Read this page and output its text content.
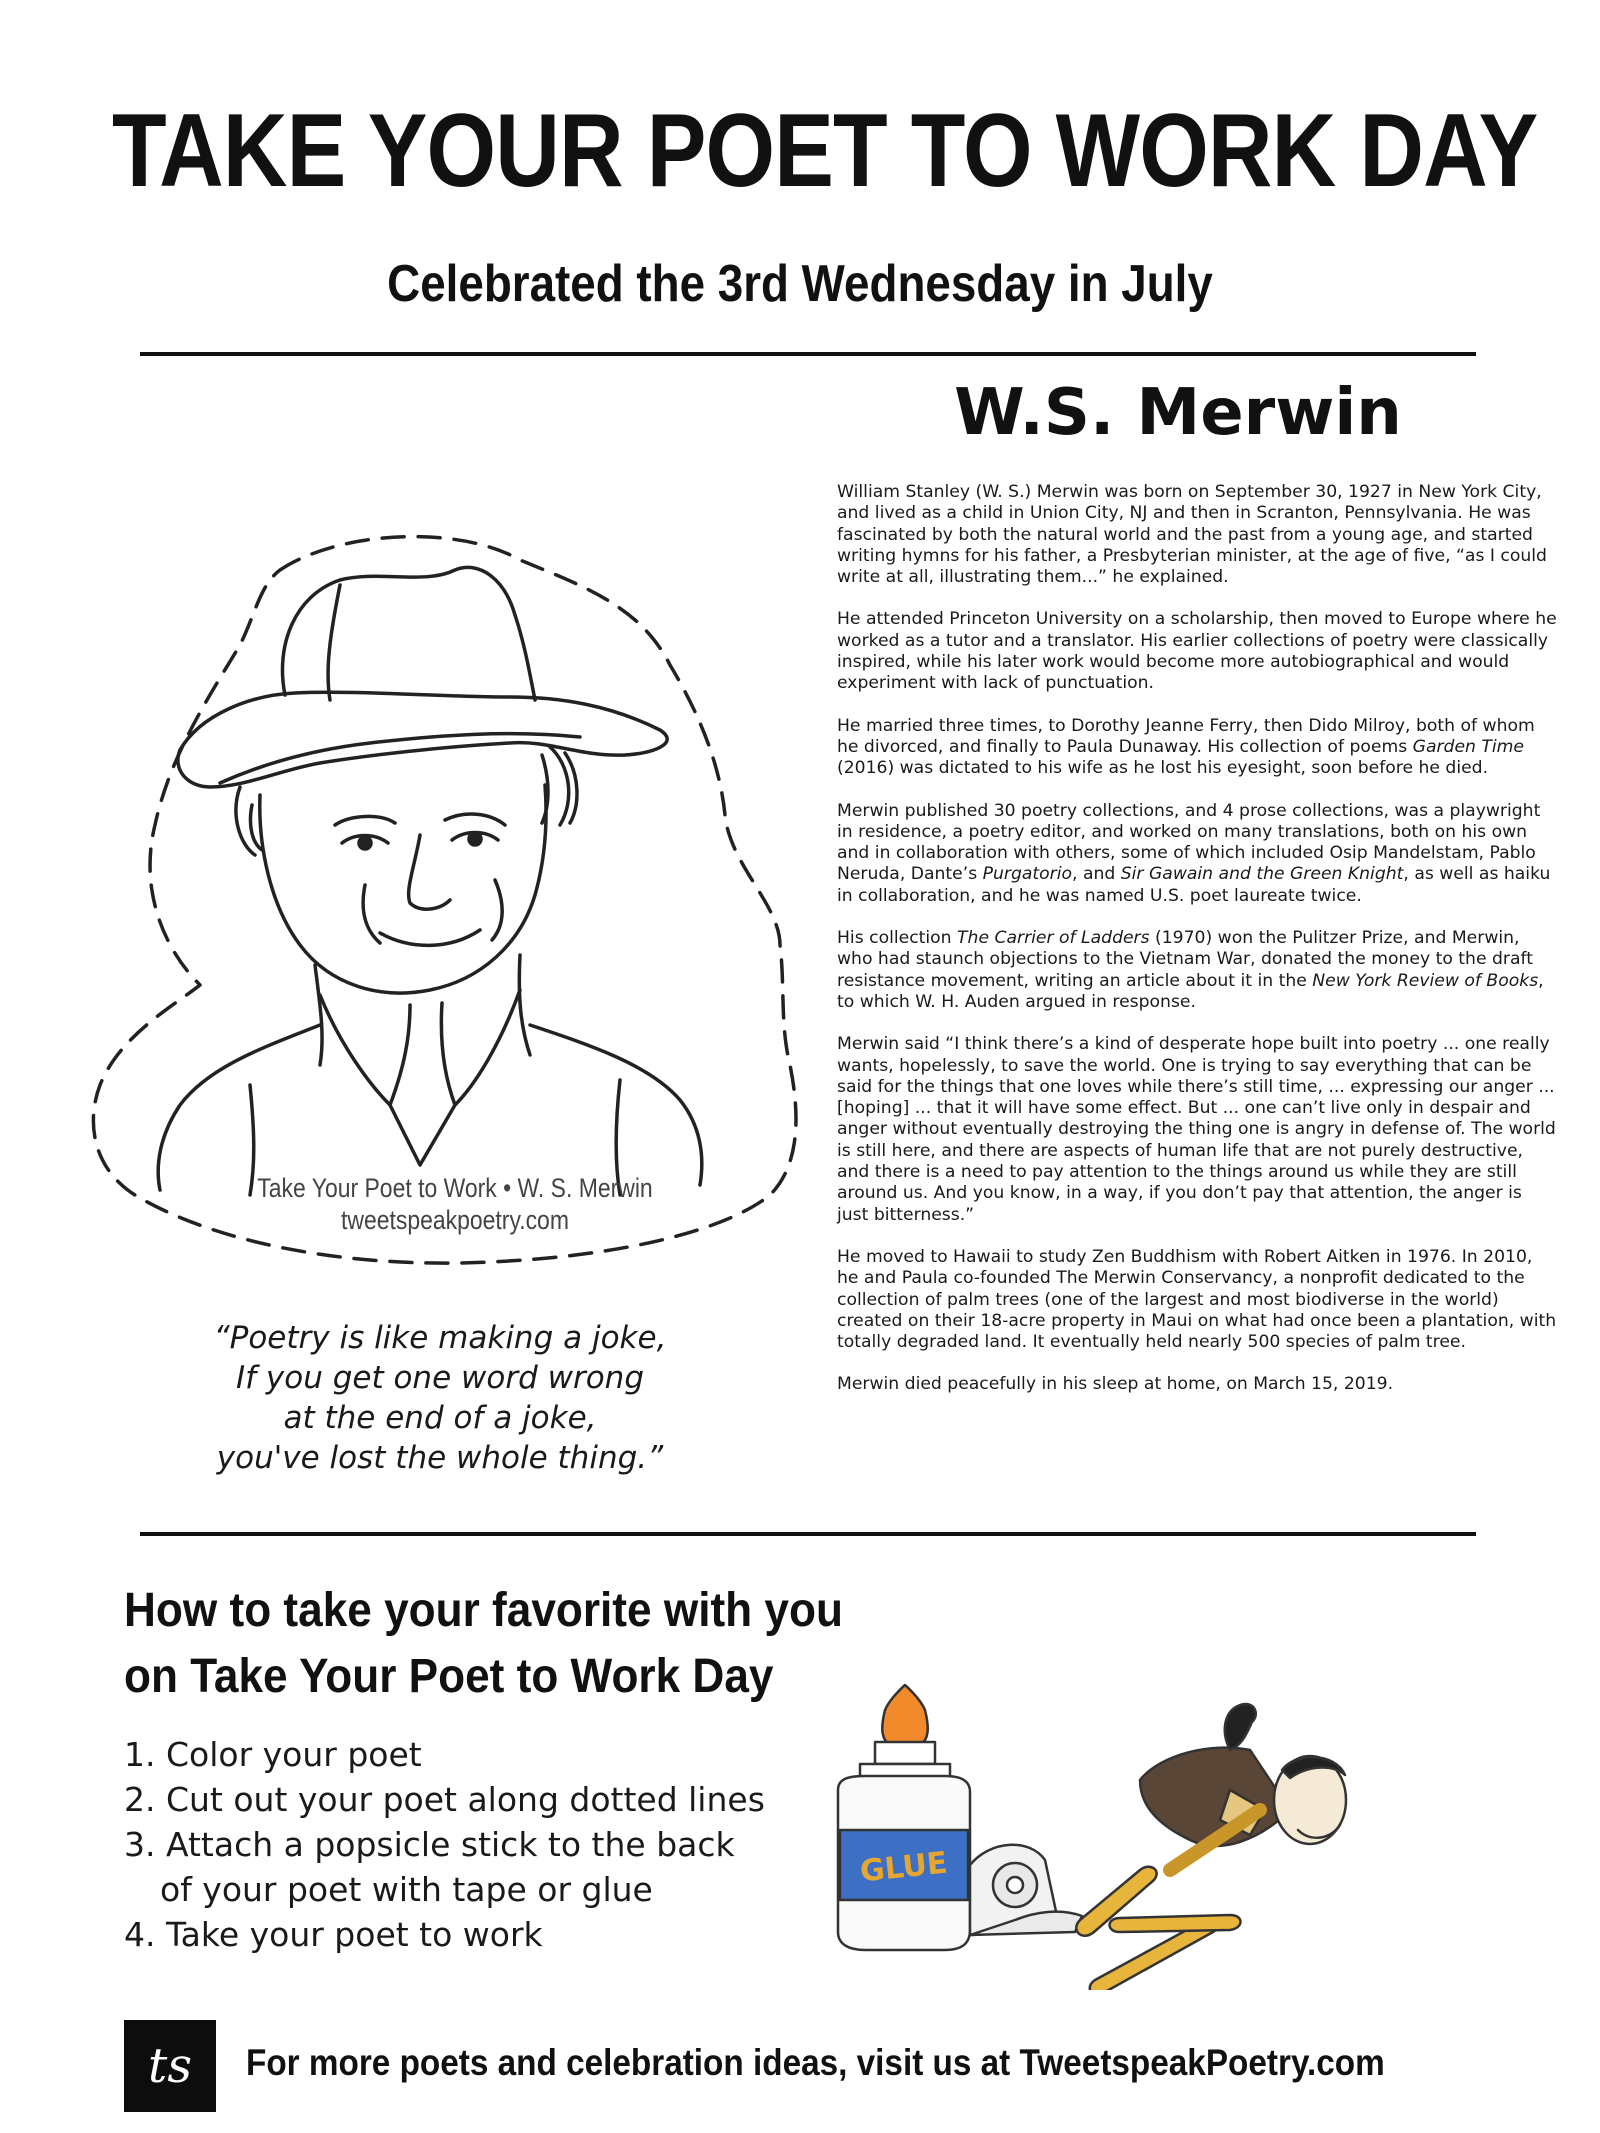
TAKE YOUR POET TO WORK DAY
Celebrated the 3rd Wednesday in July
Take Your Poet to Work • W. S. Merwin
tweetspeakpoetry.com
“Poetry is like making a joke,
If you get one word wrong
at the end of a joke,
you've lost the whole thing.”
W.S. Merwin

William Stanley (W. S.) Merwin was born on September 30, 1927 in New York City, and lived as a child in Union City, NJ and then in Scranton, Pennsylvania. He was fascinated by both the natural world and the past from a young age, and started writing hymns for his father, a Presbyterian minister, at the age of five, “as I could write at all, illustrating them...” he explained.

He attended Princeton University on a scholarship, then moved to Europe where he worked as a tutor and a translator. His earlier collections of poetry were classically inspired, while his later work would become more autobiographical and would experiment with lack of punctuation.

He married three times, to Dorothy Jeanne Ferry, then Dido Milroy, both of whom he divorced, and finally to Paula Dunaway. His collection of poems Garden Time (2016) was dictated to his wife as he lost his eyesight, soon before he died.

Merwin published 30 poetry collections, and 4 prose collections, was a playwright in residence, a poetry editor, and worked on many translations, both on his own and in collaboration with others, some of which included Osip Mandelstam, Pablo Neruda, Dante’s Purgatorio, and Sir Gawain and the Green Knight, as well as haiku in collaboration, and he was named U.S. poet laureate twice.

His collection The Carrier of Ladders (1970) won the Pulitzer Prize, and Merwin, who had staunch objections to the Vietnam War, donated the money to the draft resistance movement, writing an article about it in the New York Review of Books, to which W. H. Auden argued in response.

Merwin said “I think there’s a kind of desperate hope built into poetry ... one really wants, hopelessly, to save the world. One is trying to say everything that can be said for the things that one loves while there’s still time, ... expressing our anger ... [hoping] ... that it will have some effect. But ... one can’t live only in despair and anger without eventually destroying the thing one is angry in defense of. The world is still here, and there are aspects of human life that are not purely destructive, and there is a need to pay attention to the things around us while they are still around us. And you know, in a way, if you don’t pay that attention, the anger is just bitterness.”

He moved to Hawaii to study Zen Buddhism with Robert Aitken in 1976. In 2010, he and Paula co-founded The Merwin Conservancy, a nonprofit dedicated to the collection of palm trees (one of the largest and most biodiverse in the world) created on their 18-acre property in Maui on what had once been a plantation, with totally degraded land. It eventually held nearly 500 species of palm tree.

Merwin died peacefully in his sleep at home, on March 15, 2019.

How to take your favorite with you
on Take Your Poet to Work Day
1. Color your poet
2. Cut out your poet along dotted lines
3. Attach a popsicle stick to the back
of your poet with tape or glue
4. Take your poet to work
GLUE
ts For more poets and celebration ideas, visit us at TweetspeakPoetry.com
